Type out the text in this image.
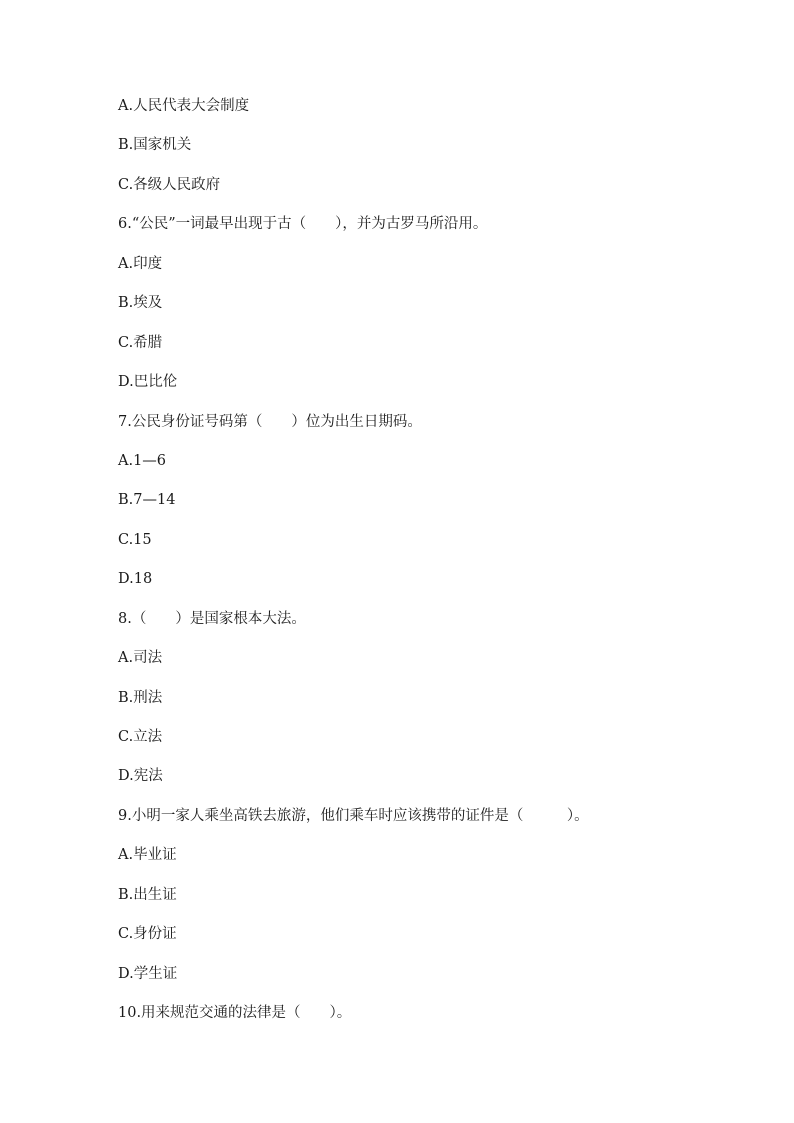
A.人民代表大会制度
B.国家机关
C.各级人民政府
6.“公民”一词最早出现于古（　　），并为古罗马所沿用。
A.印度
B.埃及
C.希腊
D.巴比伦
7.公民身份证号码第（　　）位为出生日期码。
A.1—6
B.7—14
C.15
D.18
8.（　　）是国家根本大法。
A.司法
B.刑法
C.立法
D.宪法
9.小明一家人乘坐高铁去旅游，他们乘车时应该携带的证件是（　　　）。
A.毕业证
B.出生证
C.身份证
D.学生证
10.用来规范交通的法律是（　　）。
